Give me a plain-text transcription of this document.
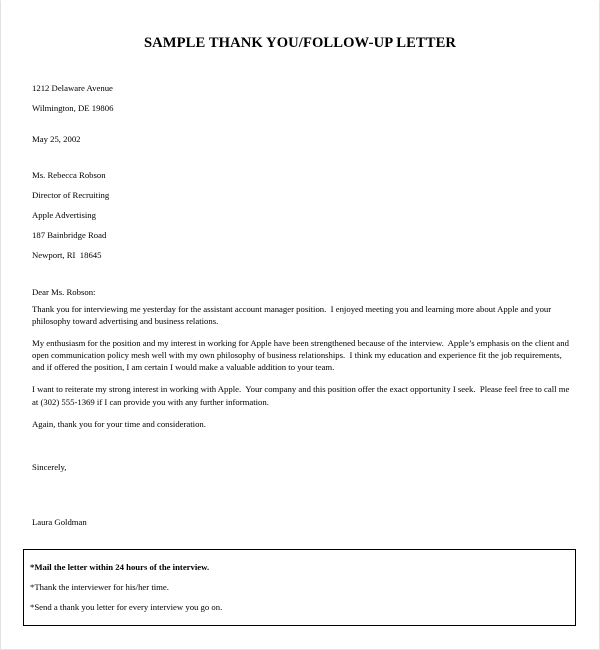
SAMPLE THANK YOU/FOLLOW-UP LETTER
1212 Delaware Avenue
Wilmington, DE 19806
May 25, 2002
Ms. Rebecca Robson
Director of Recruiting
Apple Advertising
187 Bainbridge Road
Newport, RI  18645
Dear Ms. Robson:

Thank you for interviewing me yesterday for the assistant account manager position.  I enjoyed meeting you and learning more about Apple and your philosophy toward advertising and business relations.

My enthusiasm for the position and my interest in working for Apple have been strengthened because of the interview.  Apple’s emphasis on the client and open communication policy mesh well with my own philosophy of business relationships.  I think my education and experience fit the job requirements, and if offered the position, I am certain I would make a valuable addition to your team.

I want to reiterate my strong interest in working with Apple.  Your company and this position offer the exact opportunity I seek.  Please feel free to call me at (302) 555-1369 if I can provide you with any further information.

Again, thank you for your time and consideration.

Sincerely,
Laura Goldman
*Mail the letter within 24 hours of the interview.
*Thank the interviewer for his/her time.
*Send a thank you letter for every interview you go on.
